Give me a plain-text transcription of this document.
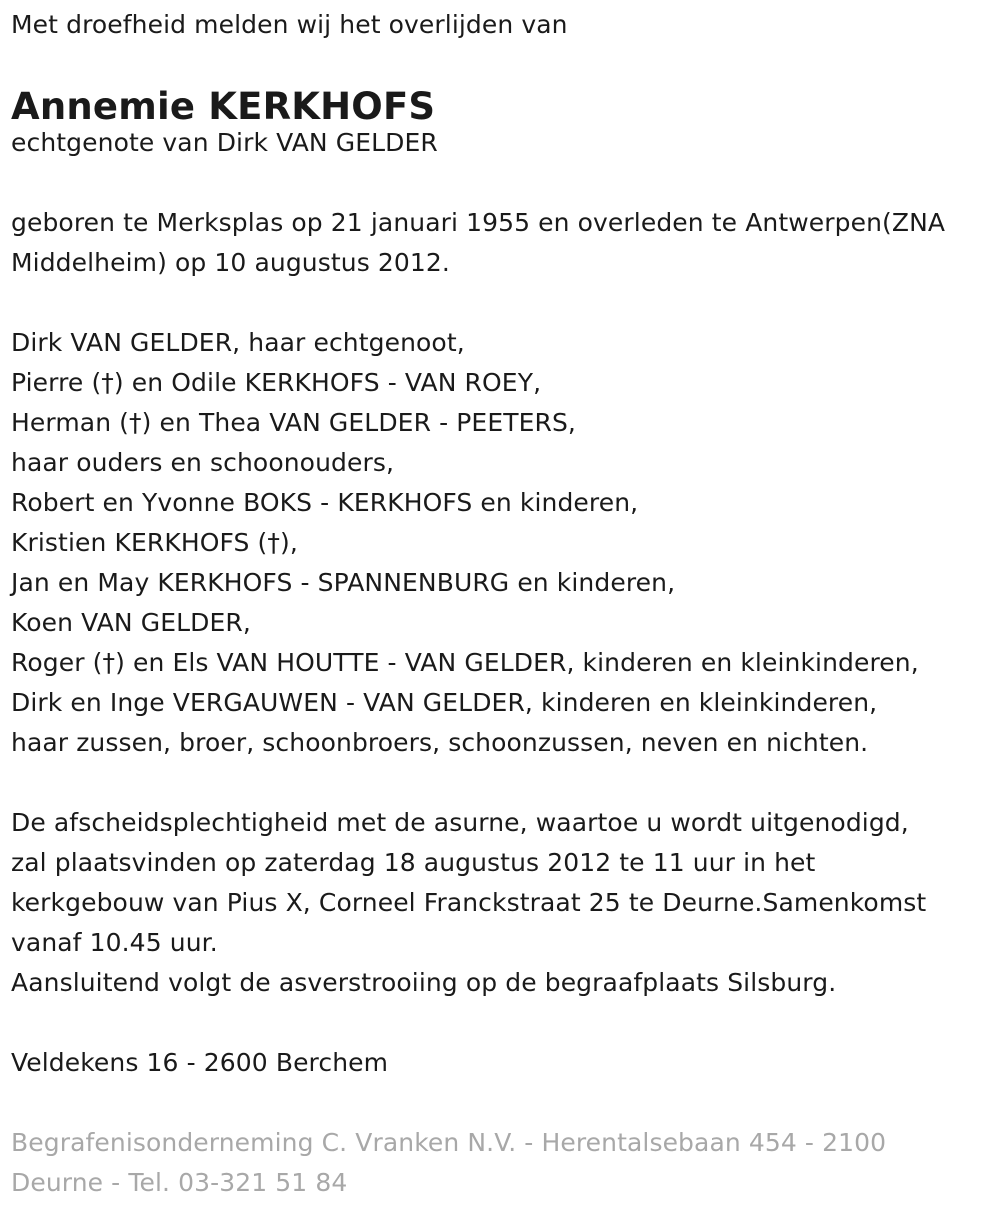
Met droefheid melden wij het overlijden van
Annemie KERKHOFS
echtgenote van Dirk VAN GELDER
geboren te Merksplas op 21 januari 1955 en overleden te Antwerpen(ZNA
Middelheim) op 10 augustus 2012.
Dirk VAN GELDER, haar echtgenoot,
Pierre (†) en Odile KERKHOFS - VAN ROEY,
Herman (†) en Thea VAN GELDER - PEETERS,
haar ouders en schoonouders,
Robert en Yvonne BOKS - KERKHOFS en kinderen,
Kristien KERKHOFS (†),
Jan en May KERKHOFS - SPANNENBURG en kinderen,
Koen VAN GELDER,
Roger (†) en Els VAN HOUTTE - VAN GELDER, kinderen en kleinkinderen,
Dirk en Inge VERGAUWEN - VAN GELDER, kinderen en kleinkinderen,
haar zussen, broer, schoonbroers, schoonzussen, neven en nichten.
De afscheidsplechtigheid met de asurne, waartoe u wordt uitgenodigd,
zal plaatsvinden op zaterdag 18 augustus 2012 te 11 uur in het
kerkgebouw van Pius X, Corneel Franckstraat 25 te Deurne.Samenkomst
vanaf 10.45 uur.
Aansluitend volgt de asverstrooiing op de begraafplaats Silsburg.
Veldekens 16 - 2600 Berchem
Begrafenisonderneming C. Vranken N.V. - Herentalsebaan 454 - 2100
Deurne - Tel. 03-321 51 84
